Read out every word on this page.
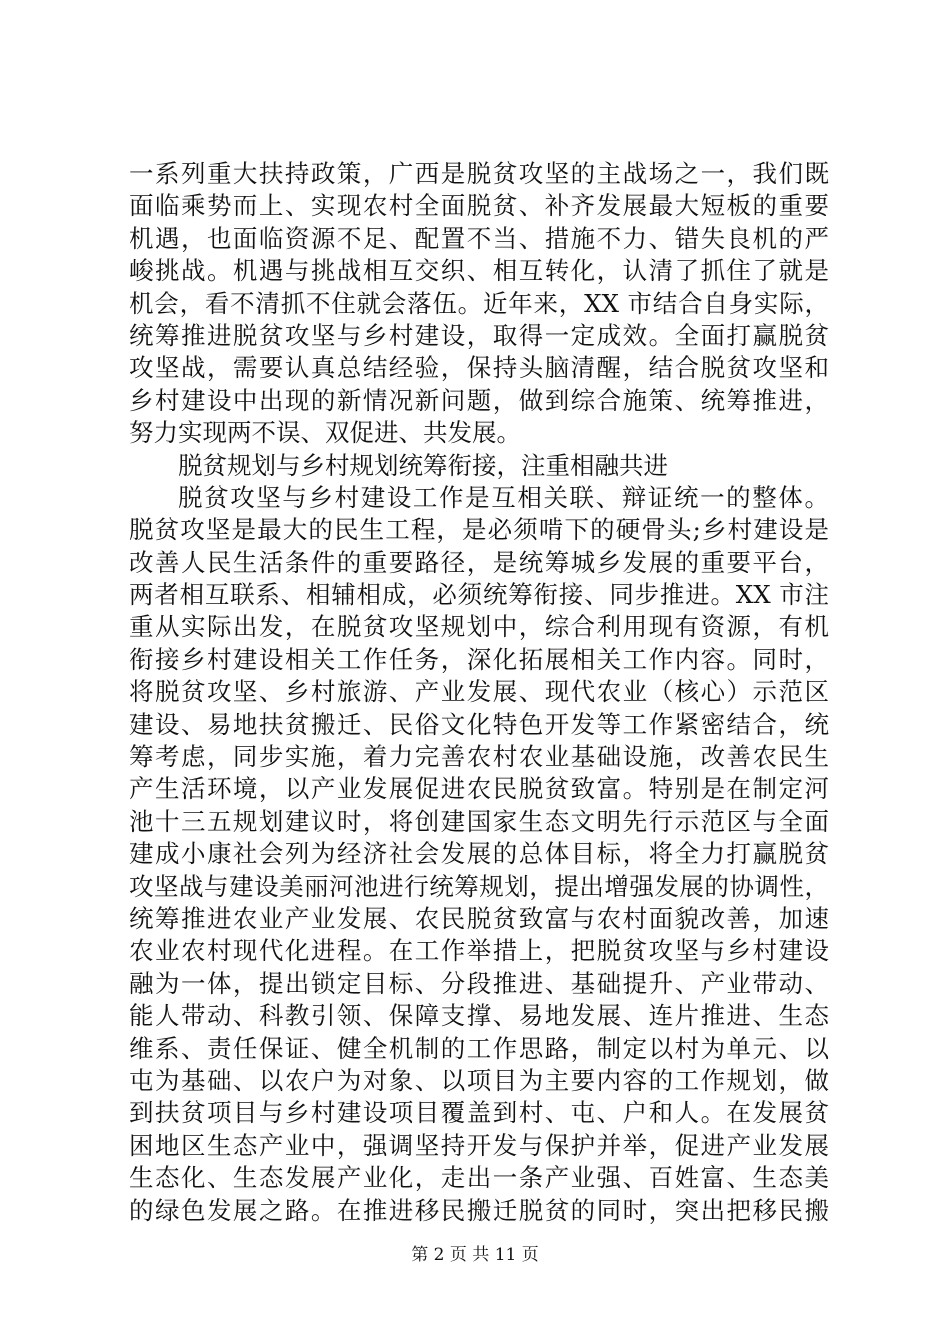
一系列重大扶持政策，广西是脱贫攻坚的主战场之一，我们既
面临乘势而上、实现农村全面脱贫、补齐发展最大短板的重要
机遇，也面临资源不足、配置不当、措施不力、错失良机的严
峻挑战。机遇与挑战相互交织、相互转化，认清了抓住了就是
机会，看不清抓不住就会落伍。近年来，XX 市结合自身实际，
统筹推进脱贫攻坚与乡村建设，取得一定成效。全面打赢脱贫
攻坚战，需要认真总结经验，保持头脑清醒，结合脱贫攻坚和
乡村建设中出现的新情况新问题，做到综合施策、统筹推进，
努力实现两不误、双促进、共发展。
脱贫规划与乡村规划统筹衔接，注重相融共进
脱贫攻坚与乡村建设工作是互相关联、辩证统一的整体。
脱贫攻坚是最大的民生工程，是必须啃下的硬骨头;乡村建设是
改善人民生活条件的重要路径，是统筹城乡发展的重要平台，
两者相互联系、相辅相成，必须统筹衔接、同步推进。XX 市注
重从实际出发，在脱贫攻坚规划中，综合利用现有资源，有机
衔接乡村建设相关工作任务，深化拓展相关工作内容。同时，
将脱贫攻坚、乡村旅游、产业发展、现代农业（核心）示范区
建设、易地扶贫搬迁、民俗文化特色开发等工作紧密结合，统
筹考虑，同步实施，着力完善农村农业基础设施，改善农民生
产生活环境，以产业发展促进农民脱贫致富。特别是在制定河
池十三五规划建议时，将创建国家生态文明先行示范区与全面
建成小康社会列为经济社会发展的总体目标，将全力打赢脱贫
攻坚战与建设美丽河池进行统筹规划，提出增强发展的协调性，
统筹推进农业产业发展、农民脱贫致富与农村面貌改善，加速
农业农村现代化进程。在工作举措上，把脱贫攻坚与乡村建设
融为一体，提出锁定目标、分段推进、基础提升、产业带动、
能人带动、科教引领、保障支撑、易地发展、连片推进、生态
维系、责任保证、健全机制的工作思路，制定以村为单元、以
屯为基础、以农户为对象、以项目为主要内容的工作规划，做
到扶贫项目与乡村建设项目覆盖到村、屯、户和人。在发展贫
困地区生态产业中，强调坚持开发与保护并举，促进产业发展
生态化、生态发展产业化，走出一条产业强、百姓富、生态美
的绿色发展之路。在推进移民搬迁脱贫的同时，突出把移民搬
第 2 页 共 11 页
